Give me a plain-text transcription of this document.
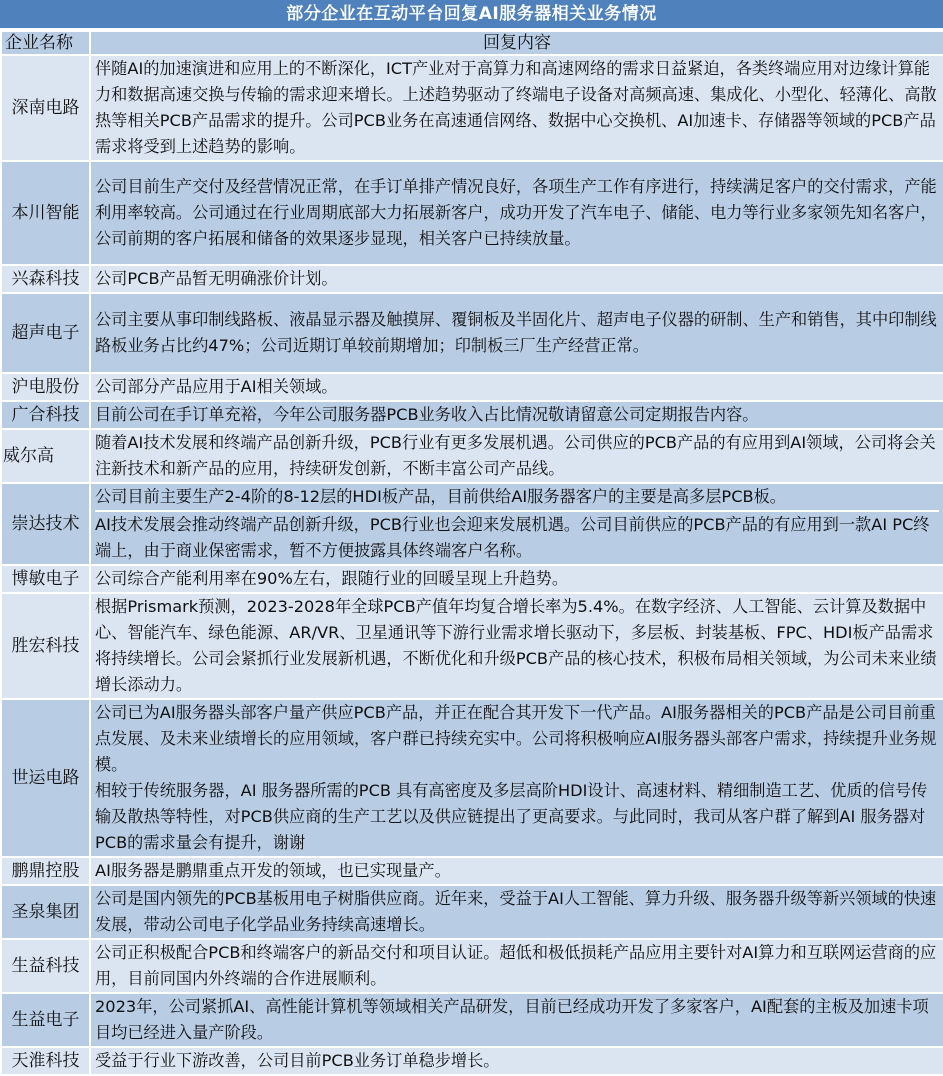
部分企业在互动平台回复AI服务器相关业务情况
企业名称	回复内容
深南电路	伴随AI的加速演进和应用上的不断深化，ICT产业对于高算力和高速网络的需求日益紧迫，各类终端应用对边缘计算能力和数据高速交换与传输的需求迎来增长。上述趋势驱动了终端电子设备对高频高速、集成化、小型化、轻薄化、高散热等相关PCB产品需求的提升。公司PCB业务在高速通信网络、数据中心交换机、AI加速卡、存储器等领域的PCB产品需求将受到上述趋势的影响。

本川智能	公司目前生产交付及经营情况正常，在手订单排产情况良好，各项生产工作有序进行，持续满足客户的交付需求，产能利用率较高。公司通过在行业周期底部大力拓展新客户，成功开发了汽车电子、储能、电力等行业多家领先知名客户，公司前期的客户拓展和储备的效果逐步显现，相关客户已持续放量。

兴森科技	公司PCB产品暂无明确涨价计划。

超声电子	公司主要从事印制线路板、液晶显示器及触摸屏、覆铜板及半固化片、超声电子仪器的研制、生产和销售，其中印制线路板业务占比约47%；公司近期订单较前期增加；印制板三厂生产经营正常。

沪电股份	公司部分产品应用于AI相关领域。

广合科技	目前公司在手订单充裕，今年公司服务器PCB业务收入占比情况敬请留意公司定期报告内容。

威尔高	随着AI技术发展和终端产品创新升级，PCB行业有更多发展机遇。公司供应的PCB产品的有应用到AI领域，公司将会关注新技术和新产品的应用，持续研发创新，不断丰富公司产品线。

崇达技术	公司目前主要生产2-4阶的8-12层的HDI板产品，目前供给AI服务器客户的主要是高多层PCB板。
AI技术发展会推动终端产品创新升级，PCB行业也会迎来发展机遇。公司目前供应的PCB产品的有应用到一款AI PC终端上，由于商业保密需求，暂不方便披露具体终端客户名称。

博敏电子	公司综合产能利用率在90%左右，跟随行业的回暖呈现上升趋势。

胜宏科技	根据Prismark预测，2023-2028年全球PCB产值年均复合增长率为5.4%。在数字经济、人工智能、云计算及数据中心、智能汽车、绿色能源、AR/VR、卫星通讯等下游行业需求增长驱动下，多层板、封装基板、FPC、HDI板产品需求将持续增长。公司会紧抓行业发展新机遇，不断优化和升级PCB产品的核心技术，积极布局相关领域，为公司未来业绩增长添动力。

世运电路	公司已为AI服务器头部客户量产供应PCB产品，并正在配合其开发下一代产品。AI服务器相关的PCB产品是公司目前重点发展、及未来业绩增长的应用领域，客户群已持续充实中。公司将积极响应AI服务器头部客户需求，持续提升业务规模。
相较于传统服务器，AI 服务器所需的PCB 具有高密度及多层高阶HDI设计、高速材料、精细制造工艺、优质的信号传输及散热等特性，对PCB供应商的生产工艺以及供应链提出了更高要求。与此同时，我司从客户群了解到AI 服务器对PCB的需求量会有提升，谢谢

鹏鼎控股	AI服务器是鹏鼎重点开发的领域，也已实现量产。

圣泉集团	公司是国内领先的PCB基板用电子树脂供应商。近年来，受益于AI人工智能、算力升级、服务器升级等新兴领域的快速发展，带动公司电子化学品业务持续高速增长。

生益科技	公司正积极配合PCB和终端客户的新品交付和项目认证。超低和极低损耗产品应用主要针对AI算力和互联网运营商的应用，目前同国内外终端的合作进展顺利。

生益电子	2023年，公司紧抓AI、高性能计算机等领域相关产品研发，目前已经成功开发了多家客户，AI配套的主板及加速卡项目均已经进入量产阶段。

天淮科技	受益于行业下游改善，公司目前PCB业务订单稳步增长。
